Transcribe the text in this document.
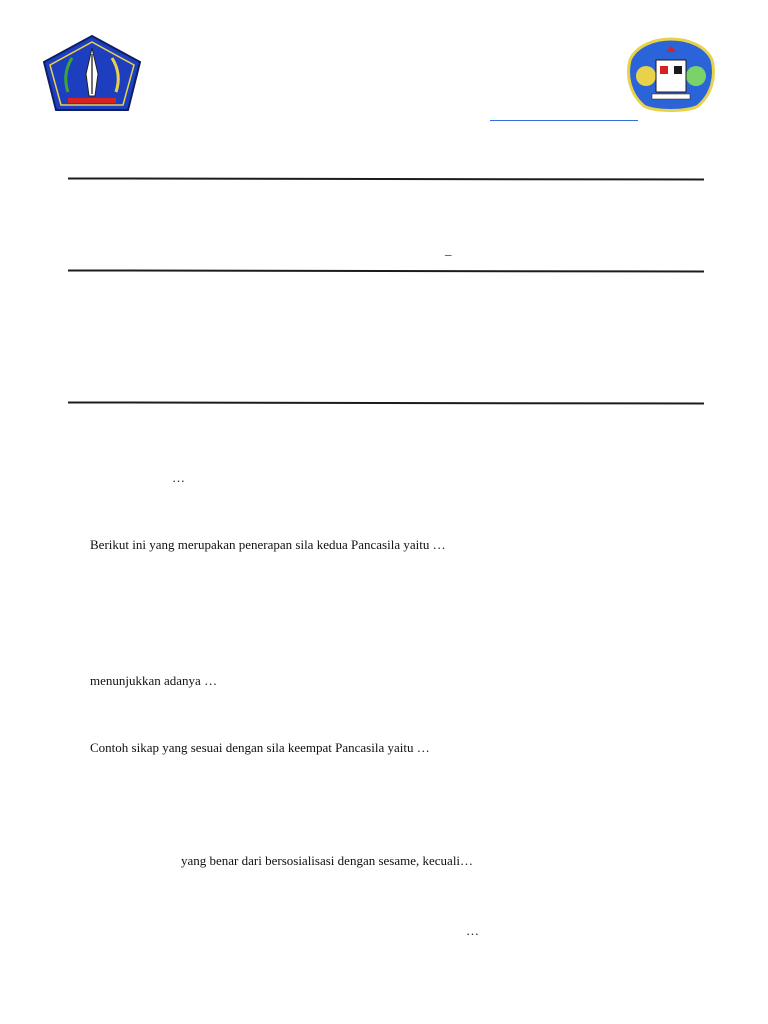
_
…
Berikut ini yang merupakan penerapan sila kedua Pancasila yaitu …
menunjukkan adanya …
Contoh sikap yang sesuai dengan sila keempat Pancasila yaitu …
yang benar dari bersosialisasi dengan sesame, kecuali…
…
